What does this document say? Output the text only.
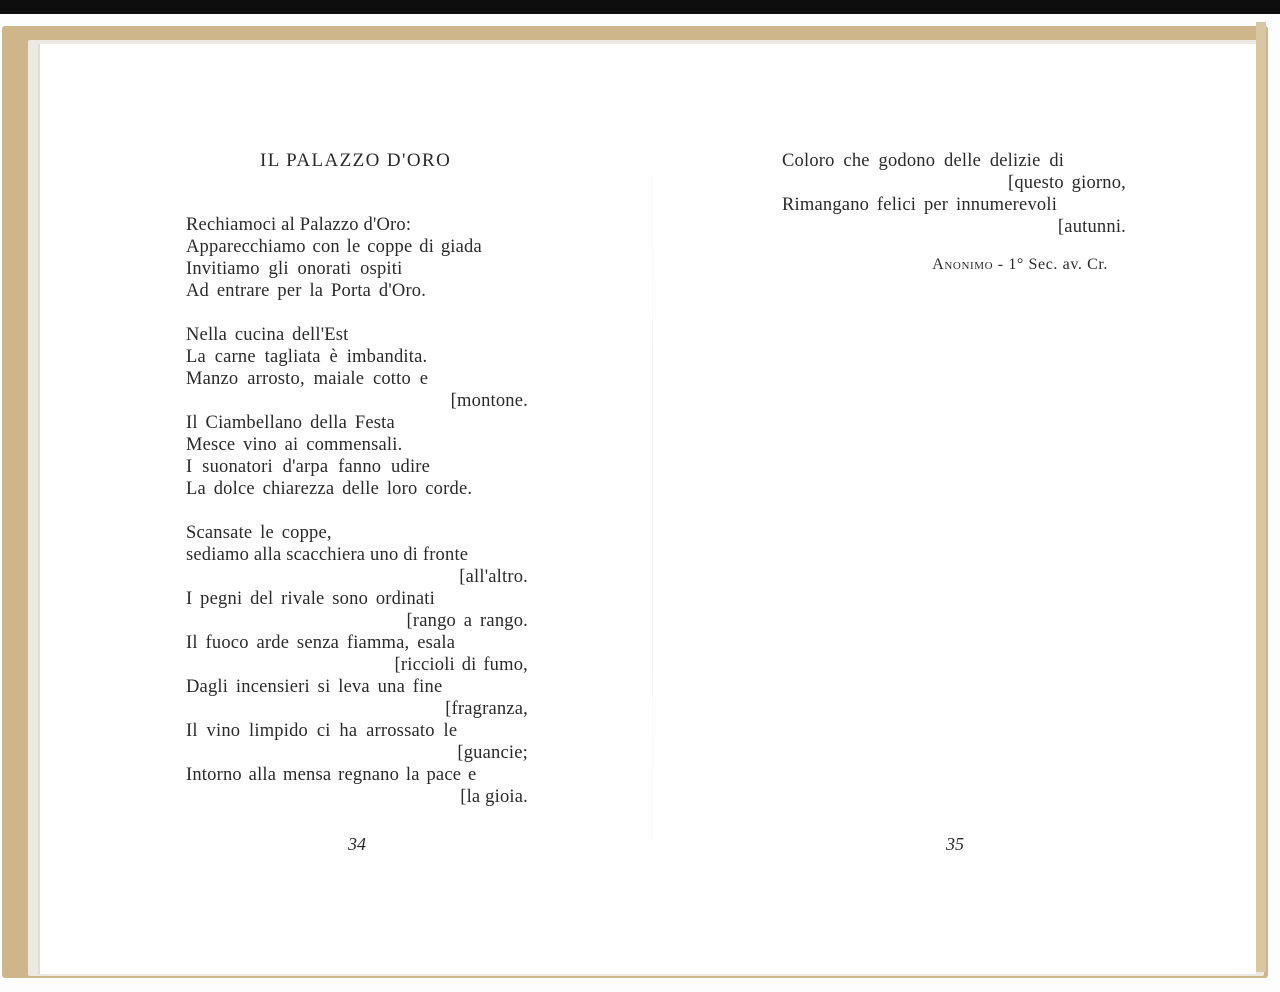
IL PALAZZO D'ORO
Rechiamoci al Palazzo d'Oro:
Apparecchiamo con le coppe di giada
Invitiamo gli onorati ospiti
Ad entrare per la Porta d'Oro.
Nella cucina dell'Est
La carne tagliata è imbandita.
Manzo arrosto, maiale cotto e
[montone.
Il Ciambellano della Festa
Mesce vino ai commensali.
I suonatori d'arpa fanno udire
La dolce chiarezza delle loro corde.
Scansate le coppe,
sediamo alla scacchiera uno di fronte
[all'altro.
I pegni del rivale sono ordinati
[rango a rango.
Il fuoco arde senza fiamma, esala
[riccioli di fumo,
Dagli incensieri si leva una fine
[fragranza,
Il vino limpido ci ha arrossato le
[guancie;
Intorno alla mensa regnano la pace e
[la gioia.
34
Coloro che godono delle delizie di
[questo giorno,
Rimangano felici per innumerevoli
[autunni.
Anonimo - 1° Sec. av. Cr.
35
